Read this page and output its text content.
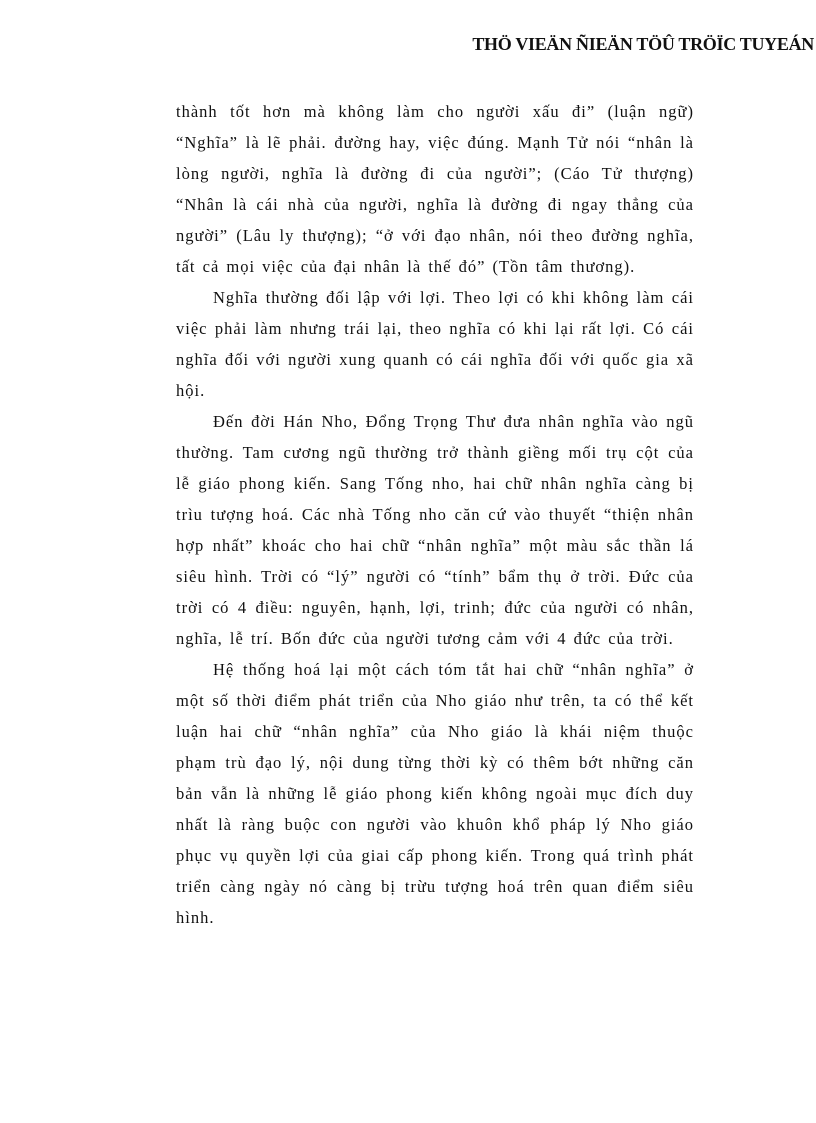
THÖ VIEÄN ÑIEÄN TÖÛ TRÖÏC TUYEÁN

thành tốt hơn mà không làm cho người xấu đi” (luận ngữ) “Nghĩa” là lẽ phải. đường hay, việc đúng. Mạnh Tử nói “nhân là lòng người, nghĩa là đường đi của người”; (Cáo Tử thượng) “Nhân là cái nhà của người, nghĩa là đường đi ngay thẳng của người” (Lâu ly thượng); “ở với đạo nhân, nói theo đường nghĩa, tất cả mọi việc của đại nhân là thế đó” (Tồn tâm thương).

Nghĩa thường đối lập với lợi. Theo lợi có khi không làm cái việc phải làm nhưng trái lại, theo nghĩa có khi lại rất lợi. Có cái nghĩa đối với người xung quanh có cái nghĩa đối với quốc gia xã hội.

Đến đời Hán Nho, Đổng Trọng Thư đưa nhân nghĩa vào ngũ thường. Tam cương ngũ thường trở thành giềng mối trụ cột của lễ giáo phong kiến. Sang Tống nho, hai chữ nhân nghĩa càng bị trìu tượng hoá. Các nhà Tống nho căn cứ vào thuyết “thiện nhân hợp nhất” khoác cho hai chữ “nhân nghĩa” một màu sắc thần lá siêu hình. Trời có “lý” người có “tính” bẩm thụ ở trời. Đức của trời có 4 điều: nguyên, hạnh, lợi, trinh; đức của người có nhân, nghĩa, lễ trí. Bốn đức của người tương cảm với 4 đức của trời.

Hệ thống hoá lại một cách tóm tắt hai chữ “nhân nghĩa” ở một số thời điểm phát triển của Nho giáo như trên, ta có thể kết luận hai chữ “nhân nghĩa” của Nho giáo là khái niệm thuộc phạm trù đạo lý, nội dung từng thời kỳ có thêm bớt những căn bản vẫn là những lễ giáo phong kiến không ngoài mục đích duy nhất là ràng buộc con người vào khuôn khổ pháp lý Nho giáo phục vụ quyền lợi của giai cấp phong kiến. Trong quá trình phát triển càng ngày nó càng bị trừu tượng hoá trên quan điểm siêu hình.
